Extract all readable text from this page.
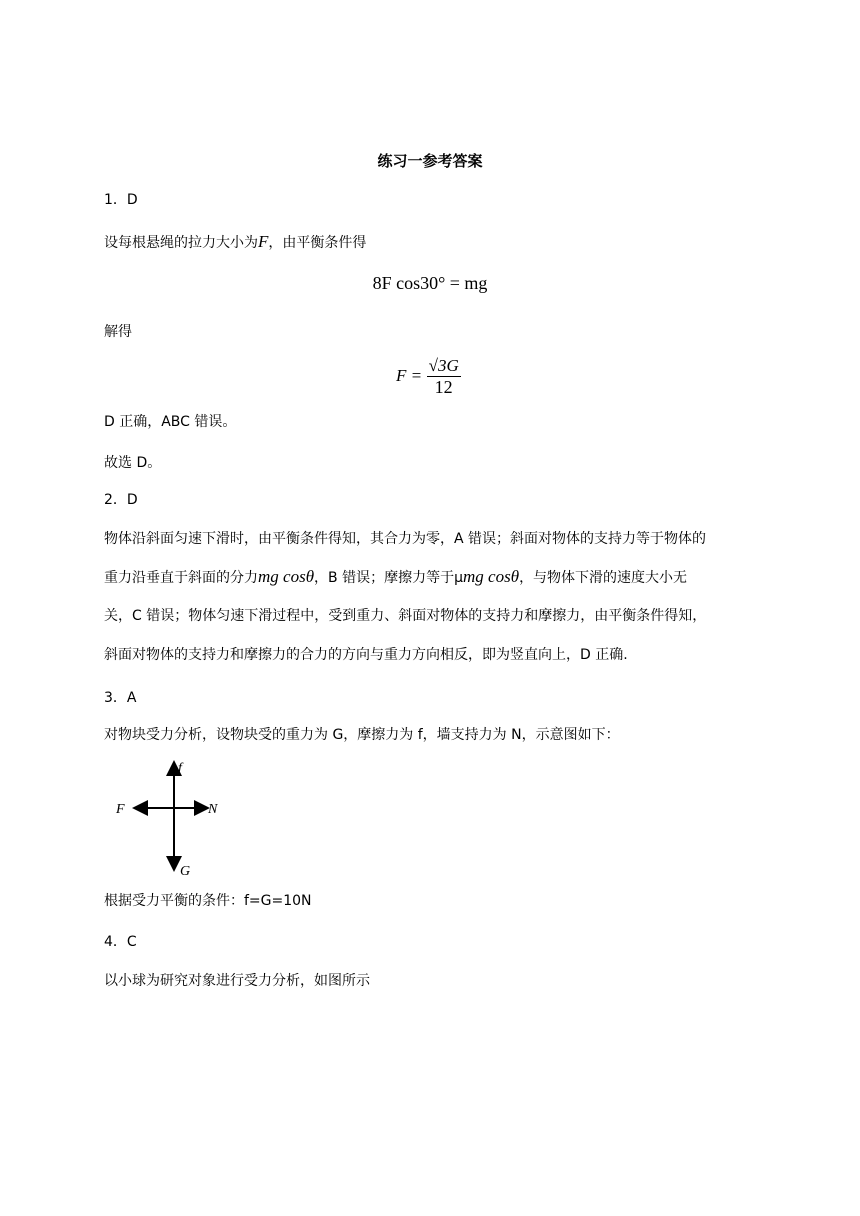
练习一参考答案
1．D
设每根悬绳的拉力大小为F，由平衡条件得
8F cos30° = mg
解得
$F = \frac{√3G}{12}$
D 正确，ABC 错误。
故选 D。
2．D
物体沿斜面匀速下滑时，由平衡条件得知，其合力为零，A 错误；斜面对物体的支持力等于物体的
重力沿垂直于斜面的分力mg cosθ，B 错误；摩擦力等于μmg cosθ，与物体下滑的速度大小无
关，C 错误；物体匀速下滑过程中，受到重力、斜面对物体的支持力和摩擦力，由平衡条件得知，
斜面对物体的支持力和摩擦力的合力的方向与重力方向相反，即为竖直向上，D 正确.
3．A
对物块受力分析，设物块受的重力为 G，摩擦力为 f，墙支持力为 N，示意图如下：
f
F	N
G
根据受力平衡的条件：f=G=10N
4．C
以小球为研究对象进行受力分析，如图所示
